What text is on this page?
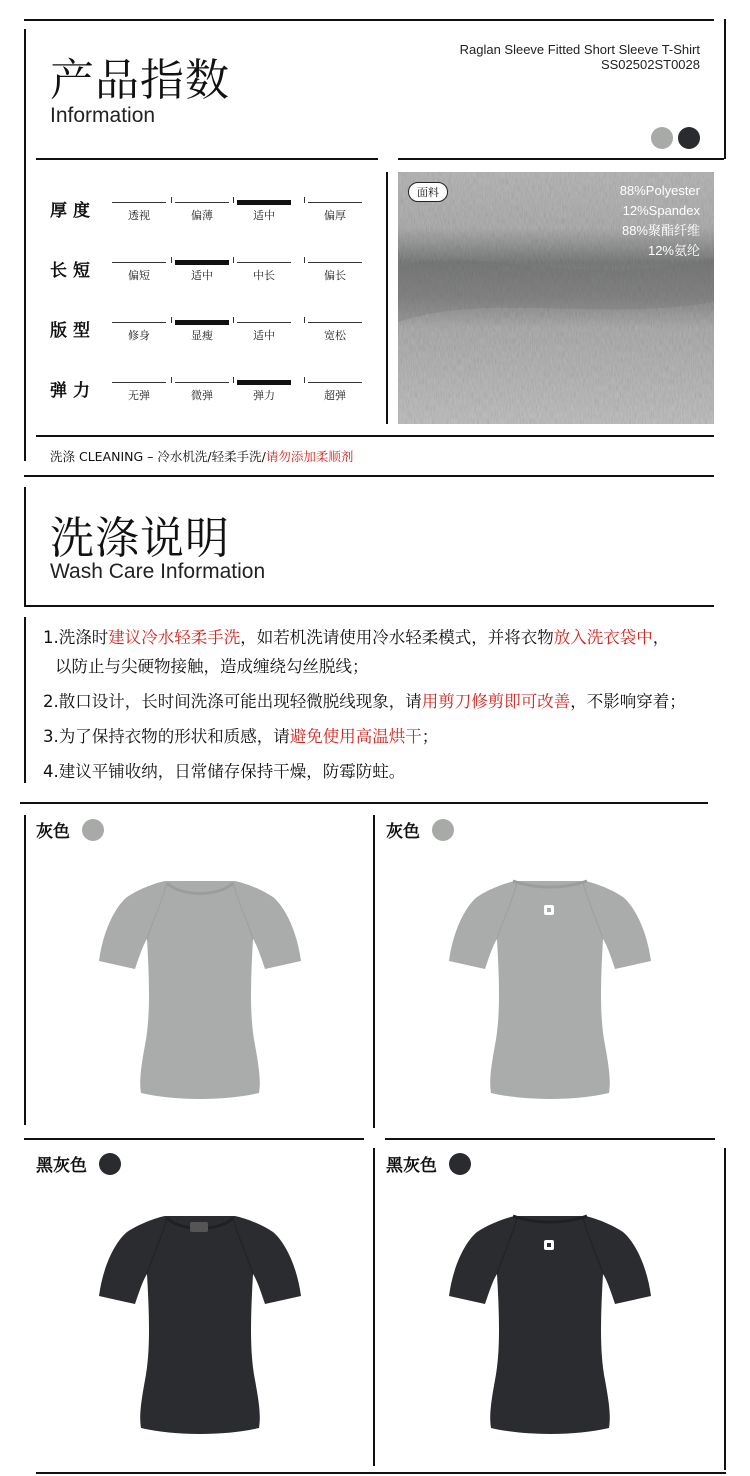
产品指数
Information
Raglan Sleeve Fitted Short Sleeve T-Shirt
SS02502ST0028
厚度	透视	偏薄	适中	偏厚
长短	偏短	适中	中长	偏长
版型	修身	显瘦	适中	宽松
弹力	无弹	微弹	弹力	超弹
面料	88%Polyester
12%Spandex
88%聚酯纤维
12%氨纶
洗涤 CLEANING – 冷水机洗/轻柔手洗/请勿添加柔顺剂
洗涤说明
Wash Care Information
1.洗涤时建议冷水轻柔手洗，如若机洗请使用冷水轻柔模式，并将衣物放入洗衣袋中，
以防止与尖硬物接触，造成缠绕勾丝脱线；
2.散口设计，长时间洗涤可能出现轻微脱线现象，请用剪刀修剪即可改善，不影响穿着；
3.为了保持衣物的形状和质感，请避免使用高温烘干；
4.建议平铺收纳，日常储存保持干燥，防霉防蛀。
灰色	灰色
黑灰色	黑灰色
